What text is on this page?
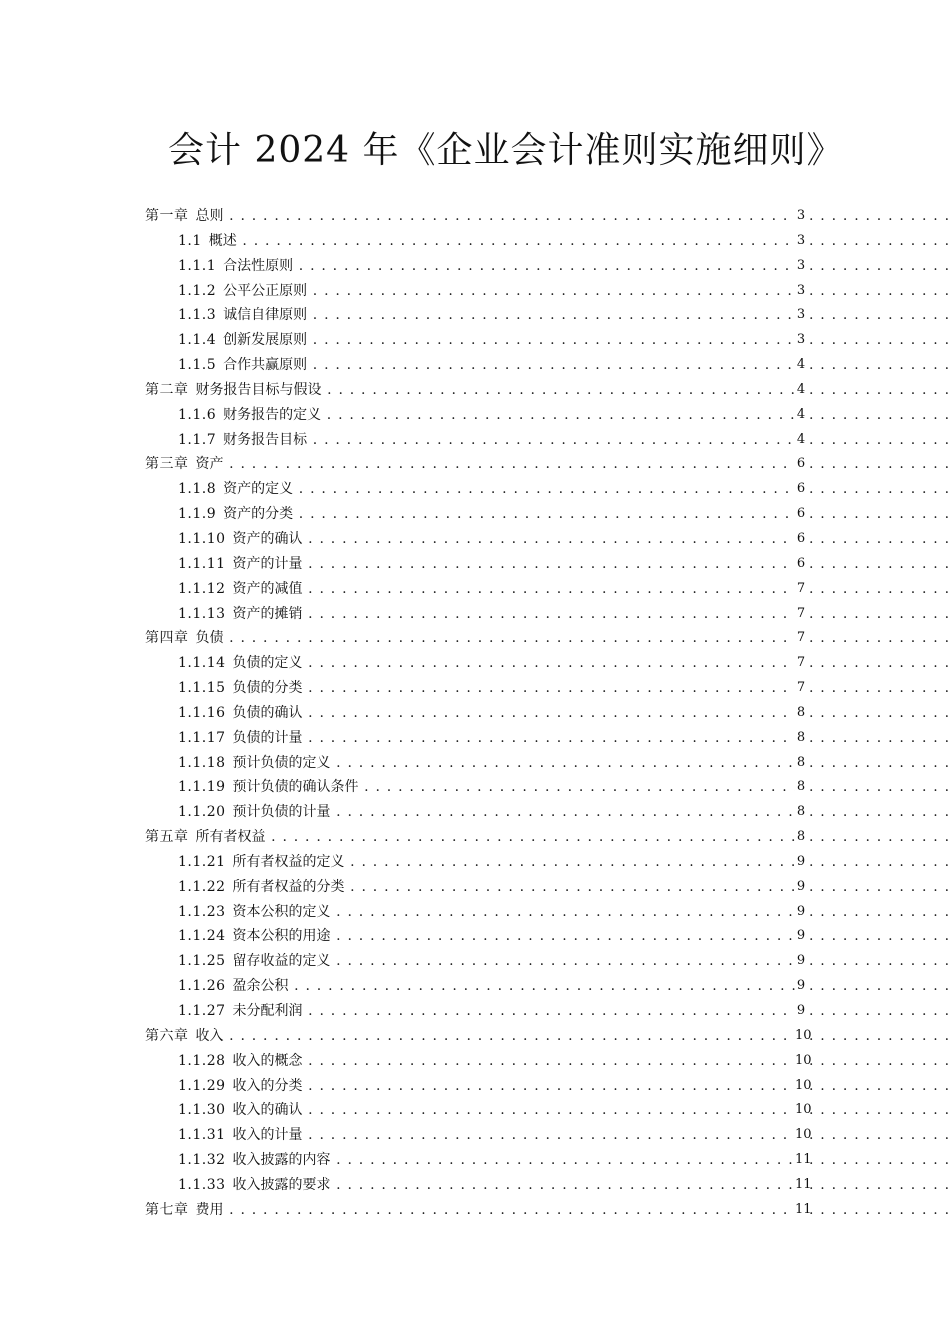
会计 2024 年《企业会计准则实施细则》
第一章 总则 . . .	3
. . .
1.1 概述 . . .	3
. . .
1.1.1 合法性原则 . . .	3
. . .
1.1.2 公平公正原则 . . .	3
. . .
1.1.3 诚信自律原则 . . .	3
. . .
1.1.4 创新发展原则 . . .	3
. . .
1.1.5 合作共赢原则 . . .	4
. . .
第二章 财务报告目标与假设 . . .	4
. . .
1.1.6 财务报告的定义 . . .	4
. . .
1.1.7 财务报告目标 . . .	4
. . .
第三章 资产 . . .	6
. . .
1.1.8 资产的定义 . . .	6
. . .
1.1.9 资产的分类 . . .	6
. . .
1.1.10 资产的确认 . . .	6
. . .
1.1.11 资产的计量 . . .	6
. . .
1.1.12 资产的减值 . . .	7
. . .
1.1.13 资产的摊销 . . .	7
. . .
第四章 负债 . . .	7
. . .
1.1.14 负债的定义 . . .	7
. . .
1.1.15 负债的分类 . . .	7
. . .
1.1.16 负债的确认 . . .	8
. . .
1.1.17 负债的计量 . . .	8
. . .
1.1.18 预计负债的定义 . . .	8
. . .
1.1.19 预计负债的确认条件 . . .	8
. . .
1.1.20 预计负债的计量 . . .	8
. . .
第五章 所有者权益 . . .	8
. . .
1.1.21 所有者权益的定义 . . .	9
. . .
1.1.22 所有者权益的分类 . . .	9
. . .
1.1.23 资本公积的定义 . . .	9
. . .
1.1.24 资本公积的用途 . . .	9
. . .
1.1.25 留存收益的定义 . . .	9
. . .
1.1.26 盈余公积 . . .	9
. . .
1.1.27 未分配利润 . . .	9
. . .
第六章 收入 . . .	10
. . .
1.1.28 收入的概念 . . .	10
. . .
1.1.29 收入的分类 . . .	10
. . .
1.1.30 收入的确认 . . .	10
. . .
1.1.31 收入的计量 . . .	10
. . .
1.1.32 收入披露的内容 . . .	11
. . .
1.1.33 收入披露的要求 . . .	11
. . .
第七章 费用 . . .	11
. . .
